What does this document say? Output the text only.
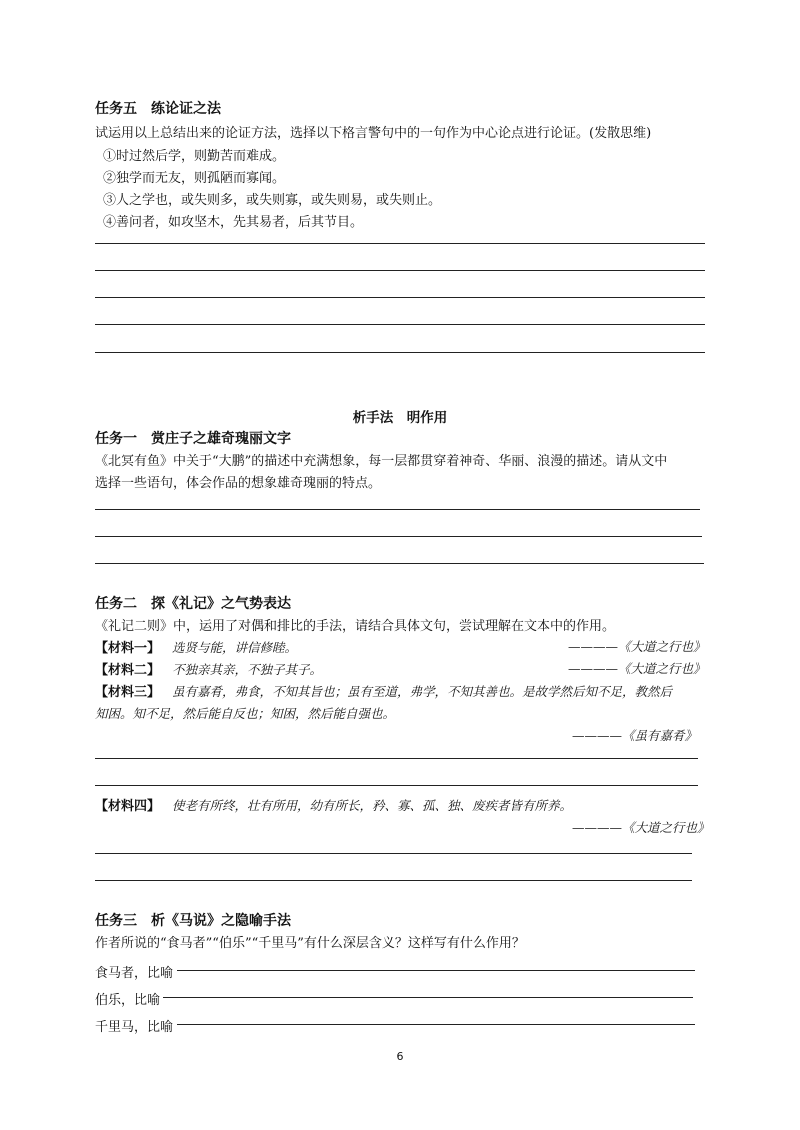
任务五　练论证之法
试运用以上总结出来的论证方法，选择以下格言警句中的一句作为中心论点进行论证。(发散思维)
①时过然后学，则勤苦而难成。
②独学而无友，则孤陋而寡闻。
③人之学也，或失则多，或失则寡，或失则易，或失则止。
④善问者，如攻坚木，先其易者，后其节目。
析手法　明作用
任务一　赏庄子之雄奇瑰丽文字
《北冥有鱼》中关于“大鹏”的描述中充满想象，每一层都贯穿着神奇、华丽、浪漫的描述。请从文中
选择一些语句，体会作品的想象雄奇瑰丽的特点。
任务二　探《礼记》之气势表达
《礼记二则》中，运用了对偶和排比的手法，请结合具体文句，尝试理解在文本中的作用。
【材料一】 选贤与能，讲信修睦。	————《大道之行也》
【材料二】 不独亲其亲，不独子其子。	————《大道之行也》
【材料三】 虽有嘉肴，弗食，不知其旨也；虽有至道，弗学，不知其善也。是故学然后知不足，教然后
知困。知不足，然后能自反也；知困，然后能自强也。
————《虽有嘉肴》
【材料四】 使老有所终，壮有所用，幼有所长，矜、寡、孤、独、废疾者皆有所养。
————《大道之行也》
任务三　析《马说》之隐喻手法
作者所说的“食马者”“伯乐”“千里马”有什么深层含义？这样写有什么作用？
食马者，比喻
伯乐，比喻
千里马，比喻
6
